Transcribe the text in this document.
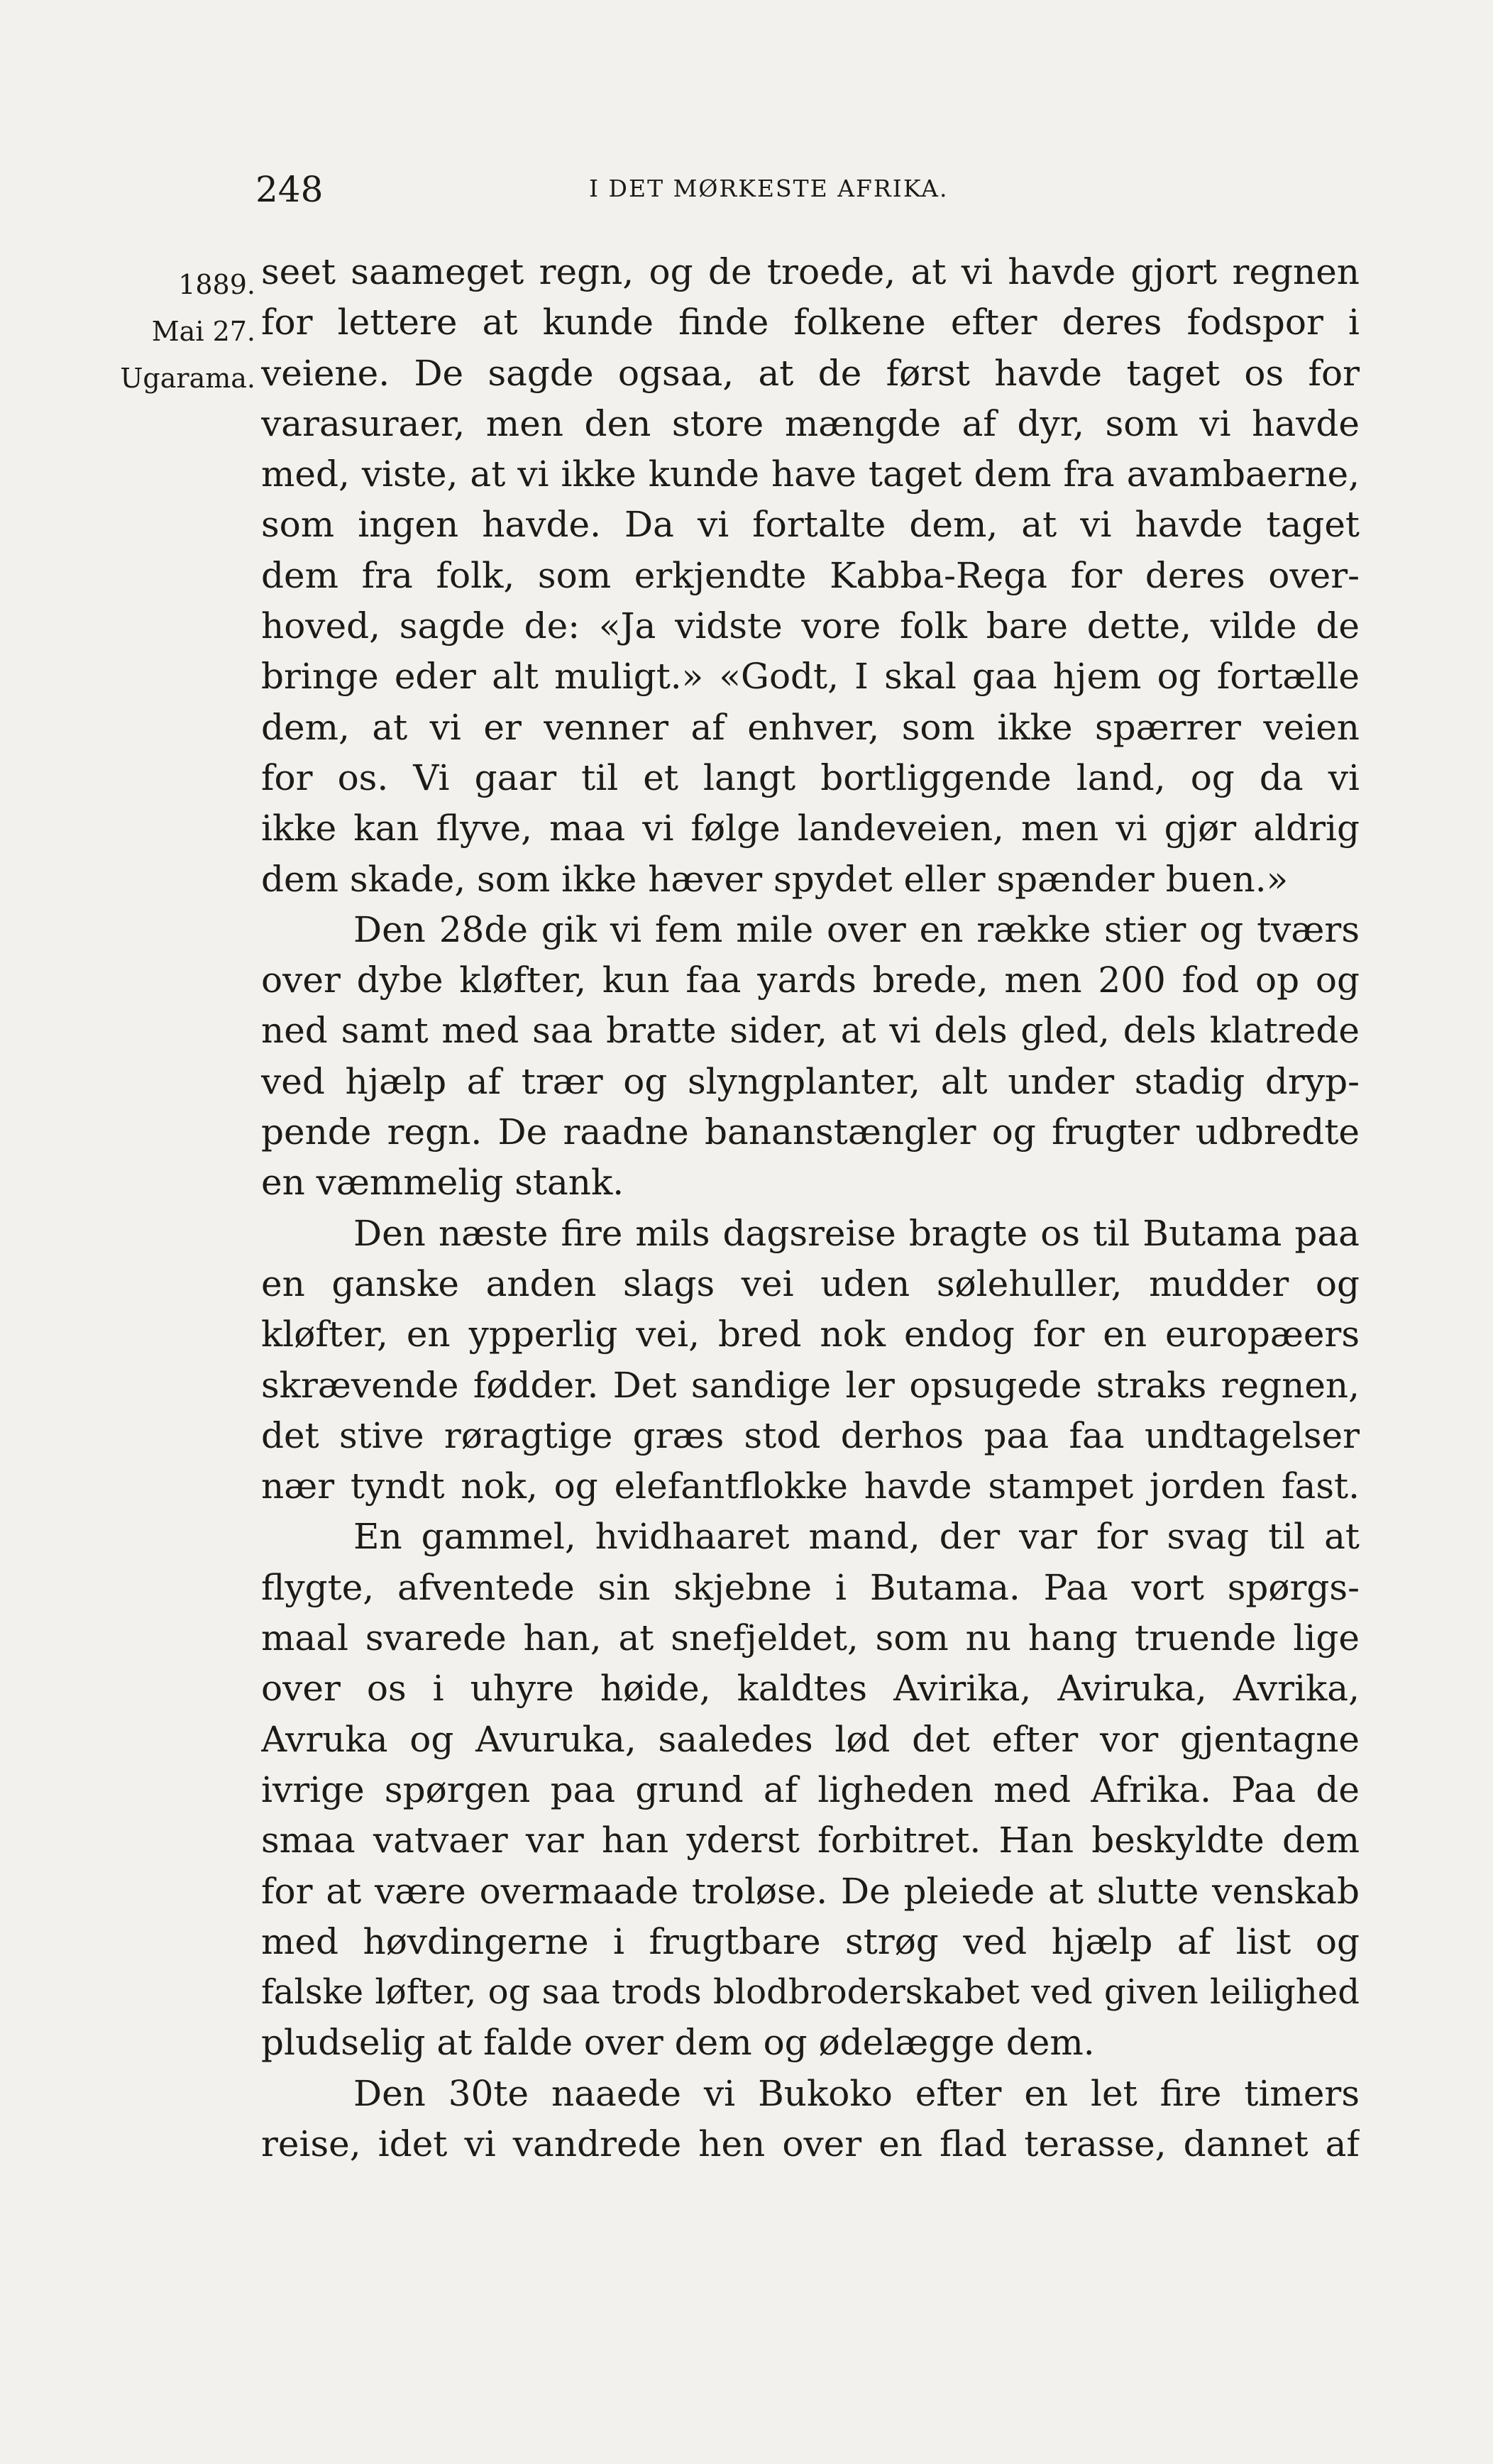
248	I DET MØRKESTE AFRIKA.
1889.
Mai 27.
Ugarama.
seet saameget regn, og de troede, at vi havde gjort regnen
for lettere at kunde finde folkene efter deres fodspor i
veiene. De sagde ogsaa, at de først havde taget os for
varasuraer, men den store mængde af dyr, som vi havde
med, viste, at vi ikke kunde have taget dem fra avambaerne,
som ingen havde. Da vi fortalte dem, at vi havde taget
dem fra folk, som erkjendte Kabba-Rega for deres over-
hoved, sagde de: «Ja vidste vore folk bare dette, vilde de
bringe eder alt muligt.» «Godt, I skal gaa hjem og fortælle
dem, at vi er venner af enhver, som ikke spærrer veien
for os. Vi gaar til et langt bortliggende land, og da vi
ikke kan flyve, maa vi følge landeveien, men vi gjør aldrig
dem skade, som ikke hæver spydet eller spænder buen.»
Den 28de gik vi fem mile over en række stier og tværs
over dybe kløfter, kun faa yards brede, men 200 fod op og
ned samt med saa bratte sider, at vi dels gled, dels klatrede
ved hjælp af trær og slyngplanter, alt under stadig dryp-
pende regn. De raadne bananstængler og frugter udbredte
en væmmelig stank.
Den næste fire mils dagsreise bragte os til Butama paa
en ganske anden slags vei uden sølehuller, mudder og
kløfter, en ypperlig vei, bred nok endog for en europæers
skrævende fødder. Det sandige ler opsugede straks regnen,
det stive røragtige græs stod derhos paa faa undtagelser
nær tyndt nok, og elefantflokke havde stampet jorden fast.
En gammel, hvidhaaret mand, der var for svag til at
flygte, afventede sin skjebne i Butama. Paa vort spørgs-
maal svarede han, at snefjeldet, som nu hang truende lige
over os i uhyre høide, kaldtes Avirika, Aviruka, Avrika,
Avruka og Avuruka, saaledes lød det efter vor gjentagne
ivrige spørgen paa grund af ligheden med Afrika. Paa de
smaa vatvaer var han yderst forbitret. Han beskyldte dem
for at være overmaade troløse. De pleiede at slutte venskab
med høvdingerne i frugtbare strøg ved hjælp af list og
falske løfter, og saa trods blodbroderskabet ved given leilighed
pludselig at falde over dem og ødelægge dem.
Den 30te naaede vi Bukoko efter en let fire timers
reise, idet vi vandrede hen over en flad terasse, dannet af
